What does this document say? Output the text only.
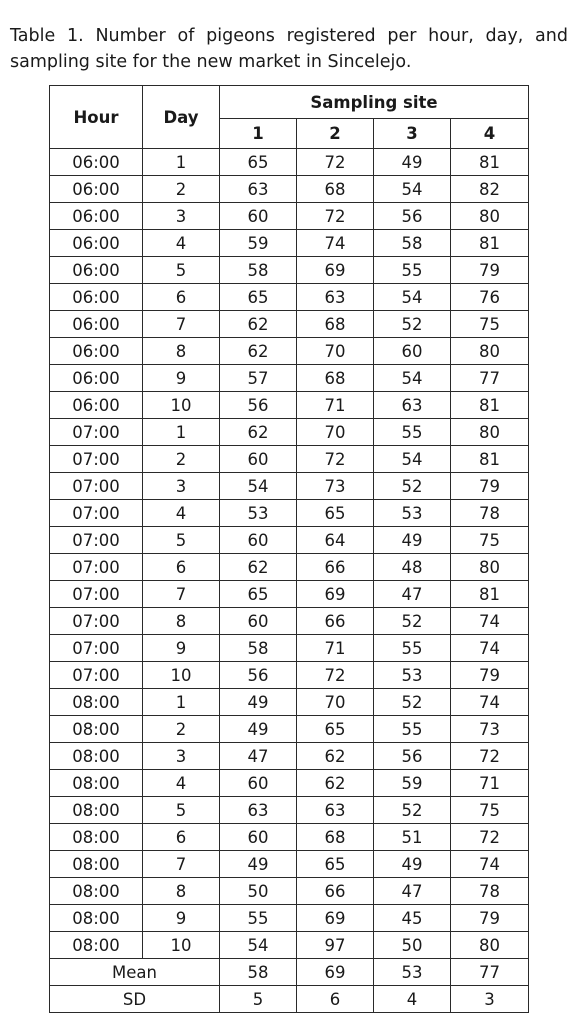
Table 1. Number of pigeons registered per hour, day, and sampling site for the new market in Sincelejo.

Hour	Day	Sampling site			
		1	2	3	4
06:00	1	65	72	49	81
06:00	2	63	68	54	82
06:00	3	60	72	56	80
06:00	4	59	74	58	81
06:00	5	58	69	55	79
06:00	6	65	63	54	76
06:00	7	62	68	52	75
06:00	8	62	70	60	80
06:00	9	57	68	54	77
06:00	10	56	71	63	81
07:00	1	62	70	55	80
07:00	2	60	72	54	81
07:00	3	54	73	52	79
07:00	4	53	65	53	78
07:00	5	60	64	49	75
07:00	6	62	66	48	80
07:00	7	65	69	47	81
07:00	8	60	66	52	74
07:00	9	58	71	55	74
07:00	10	56	72	53	79
08:00	1	49	70	52	74
08:00	2	49	65	55	73
08:00	3	47	62	56	72
08:00	4	60	62	59	71
08:00	5	63	63	52	75
08:00	6	60	68	51	72
08:00	7	49	65	49	74
08:00	8	50	66	47	78
08:00	9	55	69	45	79
08:00	10	54	97	50	80
Mean		58	69	53	77
SD		5	6	4	3
